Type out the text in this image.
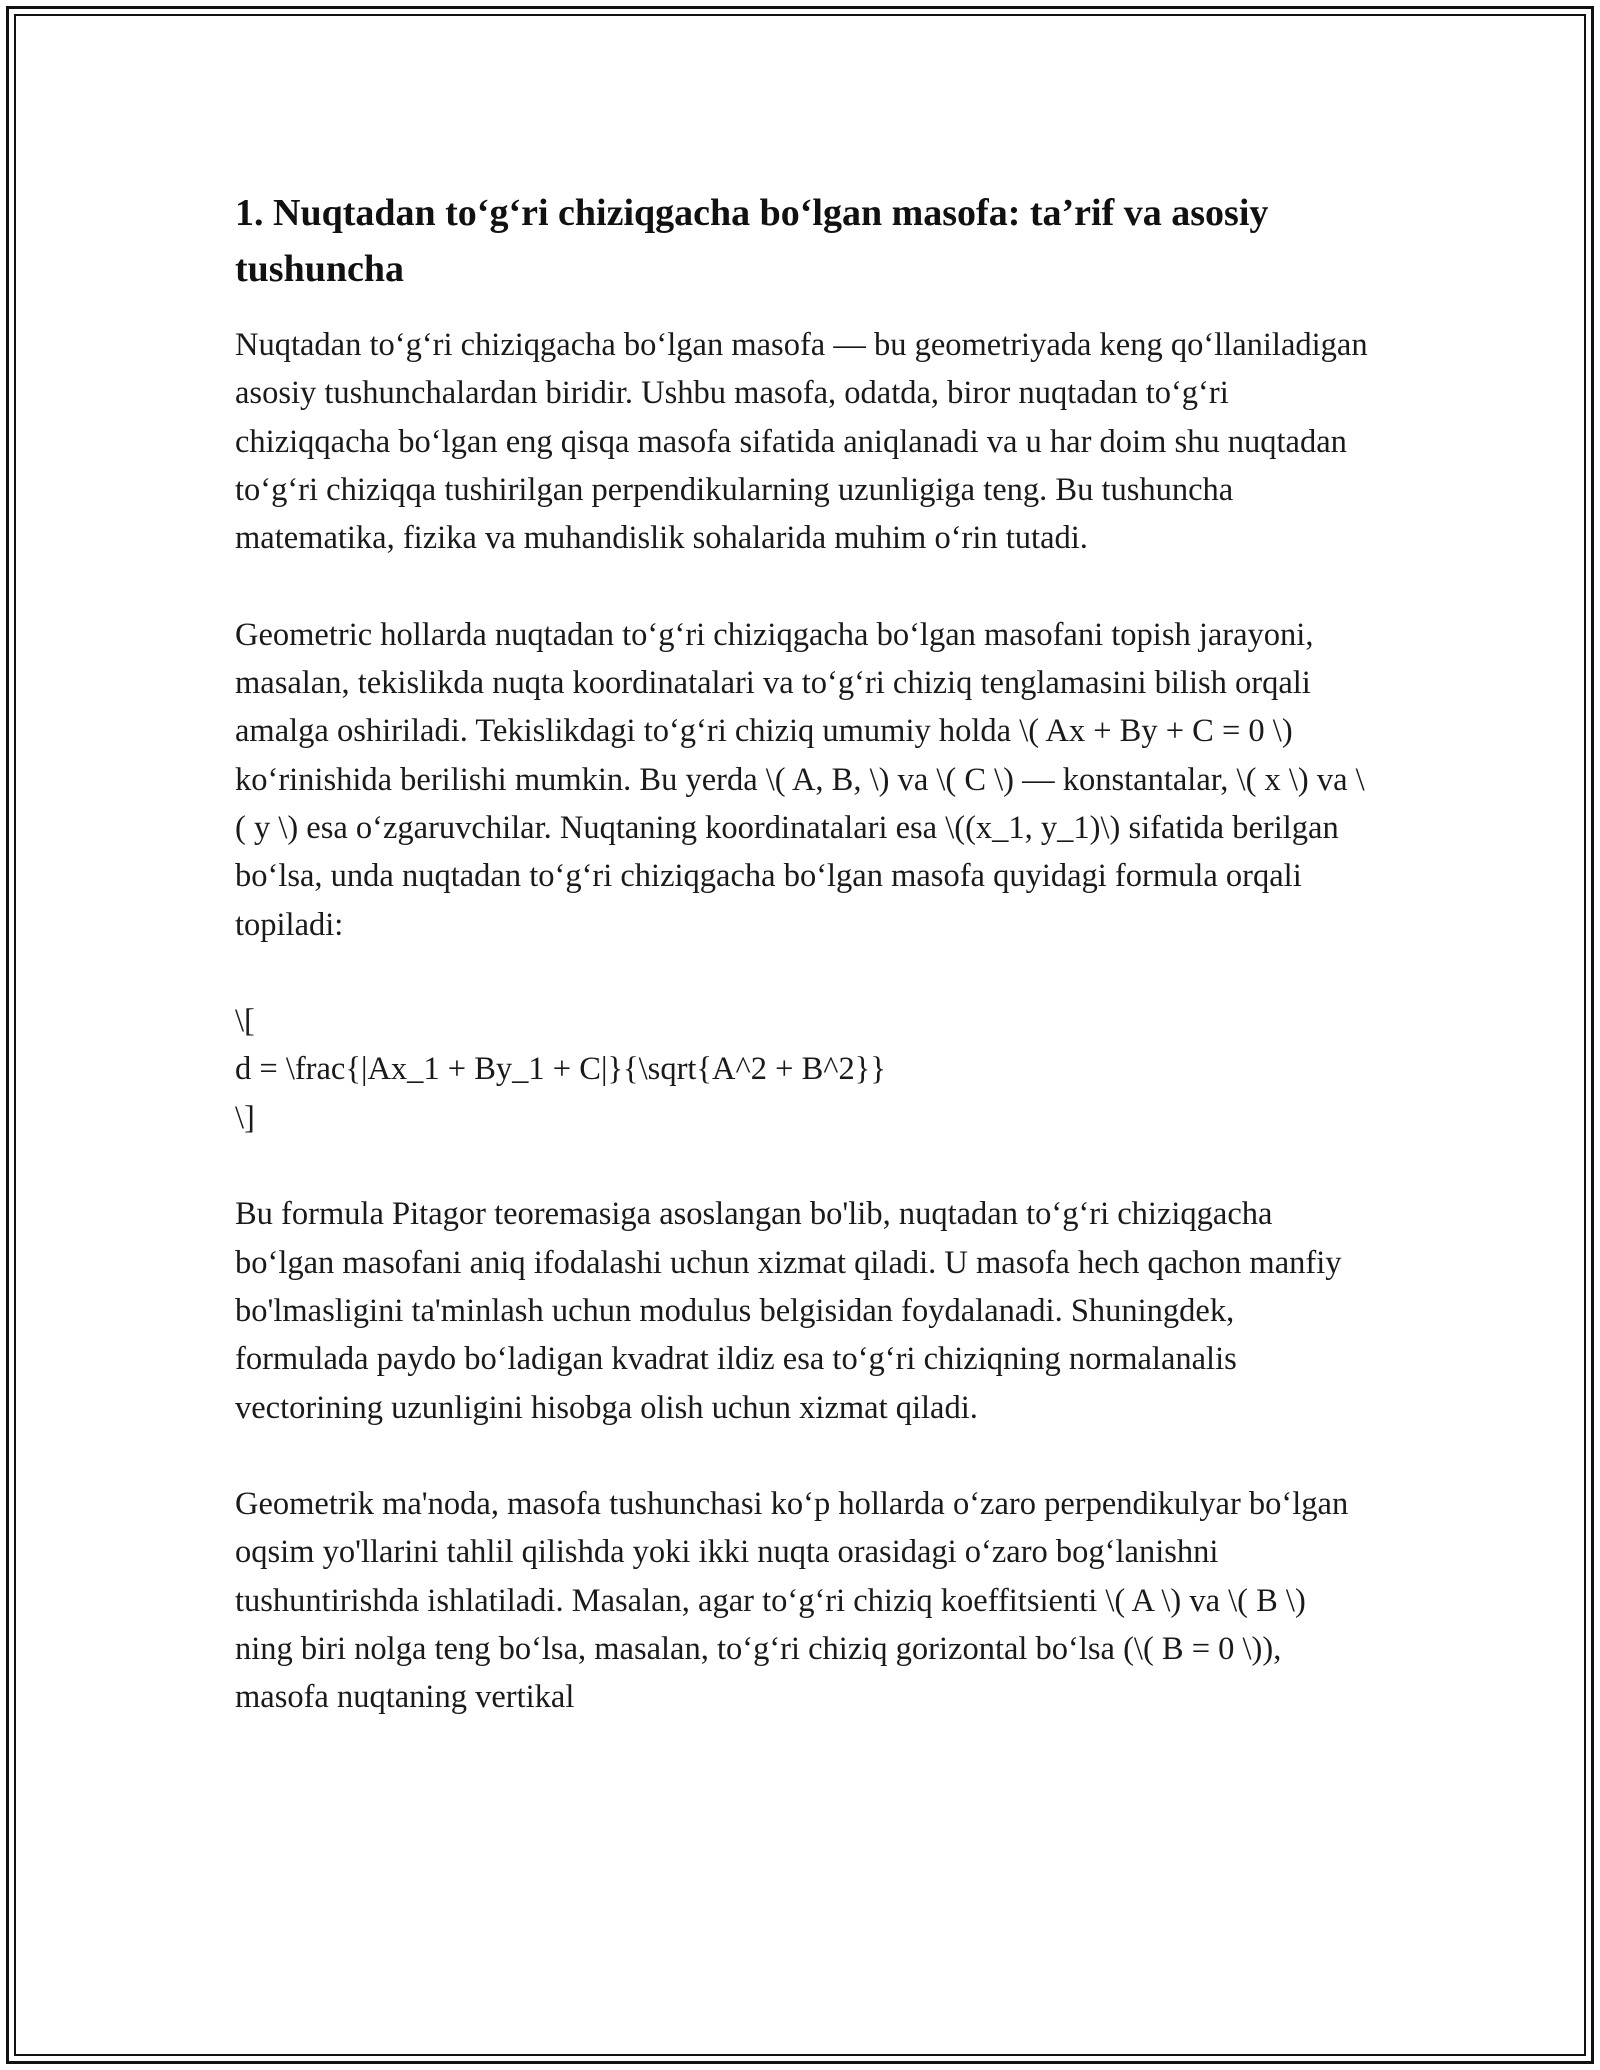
1. Nuqtadan to‘g‘ri chiziqgacha bo‘lgan masofa: ta’rif va asosiy tushuncha

Nuqtadan to‘g‘ri chiziqgacha bo‘lgan masofa — bu geometriyada keng qo‘llaniladigan asosiy tushunchalardan biridir. Ushbu masofa, odatda, biror nuqtadan to‘g‘ri chiziqqacha bo‘lgan eng qisqa masofa sifatida aniqlanadi va u har doim shu nuqtadan to‘g‘ri chiziqqa tushirilgan perpendikularning uzunligiga teng. Bu tushuncha matematika, fizika va muhandislik sohalarida muhim o‘rin tutadi.

Geometric hollarda nuqtadan to‘g‘ri chiziqgacha bo‘lgan masofani topish jarayoni, masalan, tekislikda nuqta koordinatalari va to‘g‘ri chiziq tenglamasini bilish orqali amalga oshiriladi. Tekislikdagi to‘g‘ri chiziq umumiy holda \( Ax + By + C = 0 \) ko‘rinishida berilishi mumkin. Bu yerda \( A, B, \) va \( C \) — konstantalar, \( x \) va \( y \) esa o‘zgaruvchilar. Nuqtaning koordinatalari esa \((x_1, y_1)\) sifatida berilgan bo‘lsa, unda nuqtadan to‘g‘ri chiziqgacha bo‘lgan masofa quyidagi formula orqali topiladi:

\[
d = \frac{|Ax_1 + By_1 + C|}{\sqrt{A^2 + B^2}}
\]

Bu formula Pitagor teoremasiga asoslangan bo'lib, nuqtadan to‘g‘ri chiziqgacha bo‘lgan masofani aniq ifodalashi uchun xizmat qiladi. U masofa hech qachon manfiy bo'lmasligini ta'minlash uchun modulus belgisidan foydalanadi. Shuningdek, formulada paydo bo‘ladigan kvadrat ildiz esa to‘g‘ri chiziqning normalanalis vectorining uzunligini hisobga olish uchun xizmat qiladi.

Geometrik ma'noda, masofa tushunchasi ko‘p hollarda o‘zaro perpendikulyar bo‘lgan oqsim yo'llarini tahlil qilishda yoki ikki nuqta orasidagi o‘zaro bog‘lanishni tushuntirishda ishlatiladi. Masalan, agar to‘g‘ri chiziq koeffitsienti \( A \) va \( B \) ning biri nolga teng bo‘lsa, masalan, to‘g‘ri chiziq gorizontal bo‘lsa (\( B = 0 \)), masofa nuqtaning vertikal
